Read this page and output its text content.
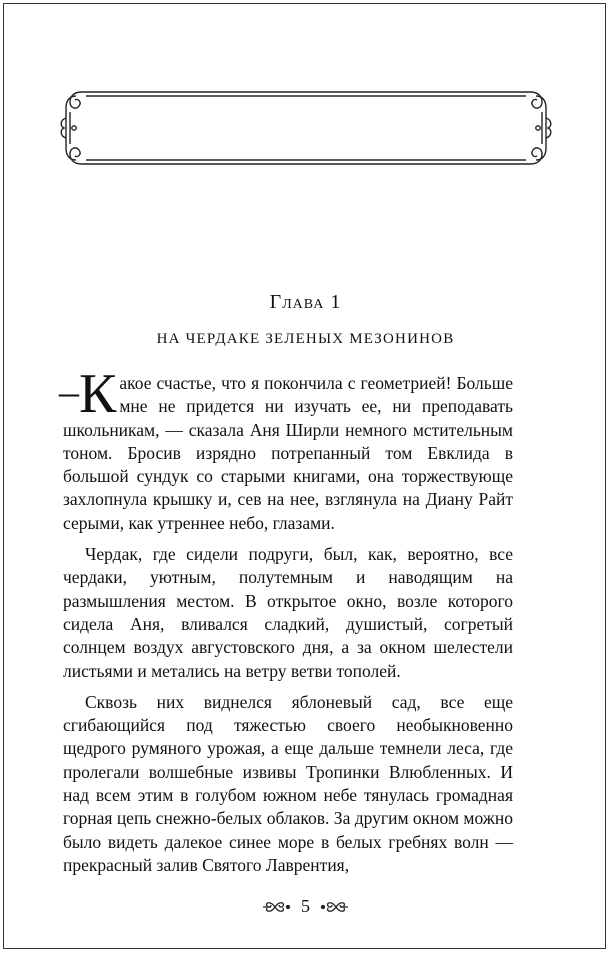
Глава 1
НА ЧЕРДАКЕ ЗЕЛЕНЫХ МЕЗОНИНОВ

–К акое счастье, что я покончила с геометрией! Больше мне не придется ни изучать ее, ни преподавать школьникам, — сказала Аня Ширли немного мстительным тоном. Бросив изрядно потрепанный том Евклида в большой сундук со старыми книгами, она торжествующе захлопнула крышку и, сев на нее, взглянула на Диану Райт серыми, как утреннее небо, глазами.

Чердак, где сидели подруги, был, как, вероятно, все чердаки, уютным, полутемным и наводящим на размышления местом. В открытое окно, возле которого сидела Аня, вливался сладкий, душистый, согретый солнцем воздух августовского дня, а за окном шелестели листьями и метались на ветру ветви тополей.

Сквозь них виднелся яблоневый сад, все еще сгибающийся под тяжестью своего необыкновенно щедрого румяного урожая, а еще дальше темнели леса, где пролегали волшебные извивы Тропинки Влюбленных. И над всем этим в голубом южном небе тянулась громадная горная цепь снежно-белых облаков. За другим окном можно было видеть далекое синее море в белых гребнях волн — прекрасный залив Святого Лаврентия,

5
